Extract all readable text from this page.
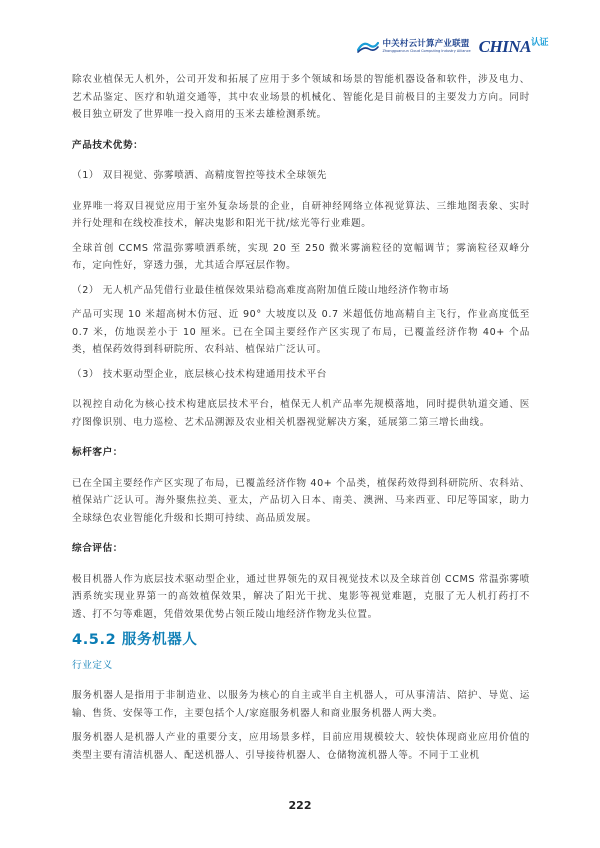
中关村云计算产业联盟
Zhongguancun Cloud Computing Industry Alliance $CHINA^{认证}$

除农业植保无人机外，公司开发和拓展了应用于多个领域和场景的智能机器设备和软件，涉及电力、艺术品鉴定、医疗和轨道交通等，其中农业场景的机械化、智能化是目前极目的主要发力方向。同时极目独立研发了世界唯一投入商用的玉米去雄检测系统。

产品技术优势：

（1） 双目视觉、弥雾喷洒、高精度智控等技术全球领先

业界唯一将双目视觉应用于室外复杂场景的企业，自研神经网络立体视觉算法、三维地图表象、实时并行处理和在线校准技术，解决鬼影和阳光干扰/炫光等行业难题。

全球首创 CCMS 常温弥雾喷洒系统，实现 20 至 250 微米雾滴粒径的宽幅调节；雾滴粒径双峰分布，定向性好，穿透力强，尤其适合厚冠层作物。

（2） 无人机产品凭借行业最佳植保效果站稳高难度高附加值丘陵山地经济作物市场

产品可实现 10 米超高树木仿冠、近 90° 大坡度以及 0.7 米超低仿地高精自主飞行，作业高度低至 0.7 米，仿地误差小于 10 厘米。已在全国主要经作产区实现了布局，已覆盖经济作物 40+ 个品类，植保药效得到科研院所、农科站、植保站广泛认可。

（3） 技术驱动型企业，底层核心技术构建通用技术平台

以视控自动化为核心技术构建底层技术平台，植保无人机产品率先规模落地，同时提供轨道交通、医疗图像识别、电力巡检、艺术品溯源及农业相关机器视觉解决方案，延展第二第三增长曲线。

标杆客户：

已在全国主要经作产区实现了布局，已覆盖经济作物 40+ 个品类，植保药效得到科研院所、农科站、植保站广泛认可。海外聚焦拉美、亚太，产品切入日本、南美、澳洲、马来西亚、印尼等国家，助力全球绿色农业智能化升级和长期可持续、高品质发展。

综合评估：

极目机器人作为底层技术驱动型企业，通过世界领先的双目视觉技术以及全球首创 CCMS 常温弥雾喷洒系统实现业界第一的高效植保效果，解决了阳光干扰、鬼影等视觉难题，克服了无人机打药打不透、打不匀等难题，凭借效果优势占领丘陵山地经济作物龙头位置。

4.5.2 服务机器人

行业定义

服务机器人是指用于非制造业、以服务为核心的自主或半自主机器人，可从事清洁、陪护、导览、运输、售货、安保等工作，主要包括个人/家庭服务机器人和商业服务机器人两大类。

服务机器人是机器人产业的重要分支，应用场景多样，目前应用规模较大、较快体现商业应用价值的类型主要有清洁机器人、配送机器人、引导接待机器人、仓储物流机器人等。不同于工业机

222
